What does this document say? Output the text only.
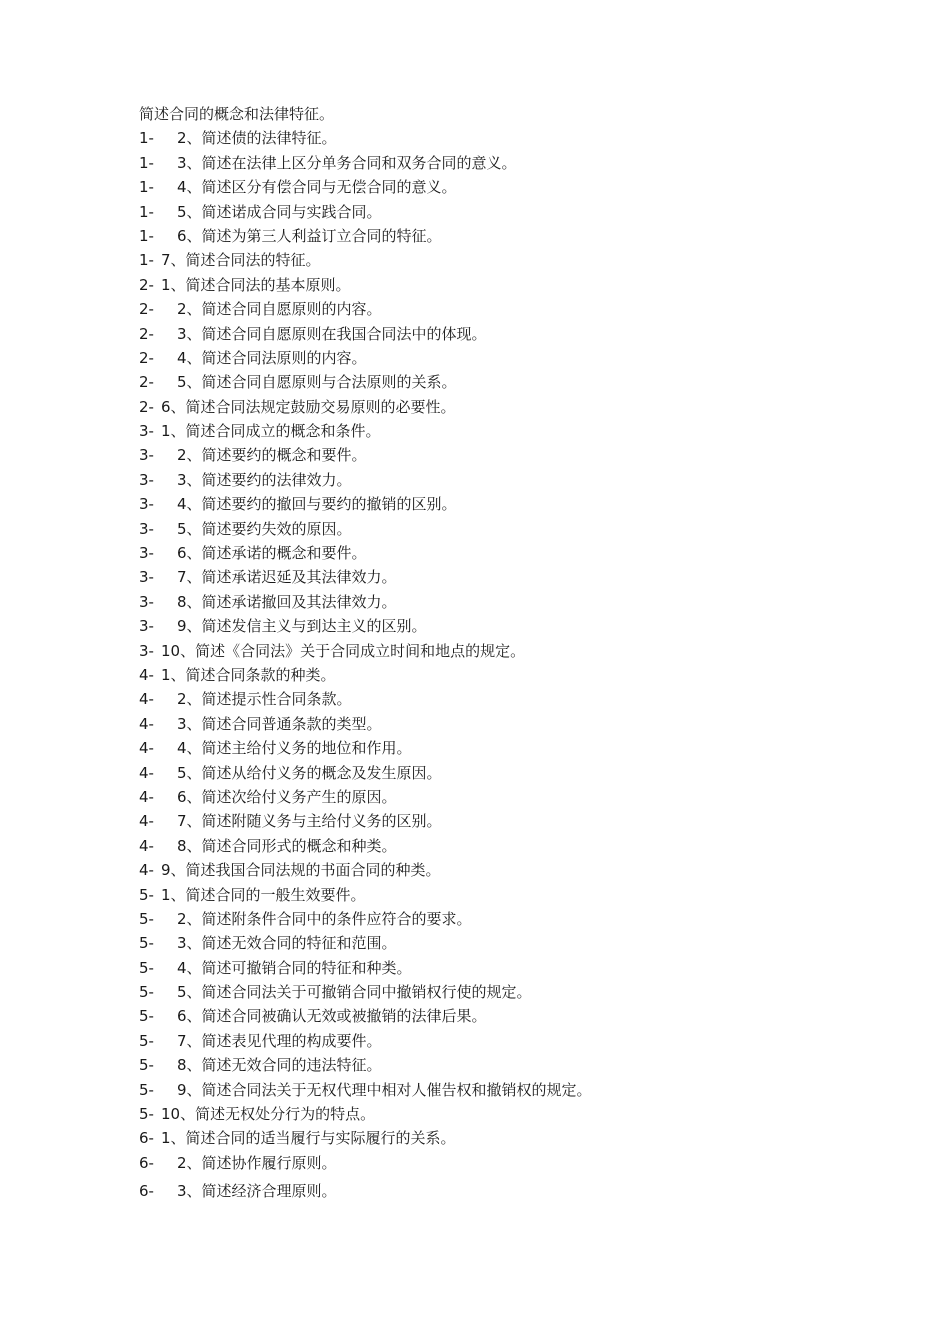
简述合同的概念和法律特征。
1-	2、简述债的法律特征。
1-	3、简述在法律上区分单务合同和双务合同的意义。
1-	4、简述区分有偿合同与无偿合同的意义。
1-	5、简述诺成合同与实践合同。
1-	6、简述为第三人利益订立合同的特征。
1- 7、简述合同法的特征。
2- 1、简述合同法的基本原则。
2-	2、简述合同自愿原则的内容。
2-	3、简述合同自愿原则在我国合同法中的体现。
2-	4、简述合同法原则的内容。
2-	5、简述合同自愿原则与合法原则的关系。
2- 6、简述合同法规定鼓励交易原则的必要性。
3- 1、简述合同成立的概念和条件。
3-	2、简述要约的概念和要件。
3-	3、简述要约的法律效力。
3-	4、简述要约的撤回与要约的撤销的区别。
3-	5、简述要约失效的原因。
3-	6、简述承诺的概念和要件。
3-	7、简述承诺迟延及其法律效力。
3-	8、简述承诺撤回及其法律效力。
3-	9、简述发信主义与到达主义的区别。
3- 10、简述《合同法》关于合同成立时间和地点的规定。
4- 1、简述合同条款的种类。
4-	2、简述提示性合同条款。
4-	3、简述合同普通条款的类型。
4-	4、简述主给付义务的地位和作用。
4-	5、简述从给付义务的概念及发生原因。
4-	6、简述次给付义务产生的原因。
4-	7、简述附随义务与主给付义务的区别。
4-	8、简述合同形式的概念和种类。
4- 9、简述我国合同法规的书面合同的种类。
5- 1、简述合同的一般生效要件。
5-	2、简述附条件合同中的条件应符合的要求。
5-	3、简述无效合同的特征和范围。
5-	4、简述可撤销合同的特征和种类。
5-	5、简述合同法关于可撤销合同中撤销权行使的规定。
5-	6、简述合同被确认无效或被撤销的法律后果。
5-	7、简述表见代理的构成要件。
5-	8、简述无效合同的违法特征。
5-	9、简述合同法关于无权代理中相对人催告权和撤销权的规定。
5- 10、简述无权处分行为的特点。
6- 1、简述合同的适当履行与实际履行的关系。
6-	2、简述协作履行原则。
6-	3、简述经济合理原则。
